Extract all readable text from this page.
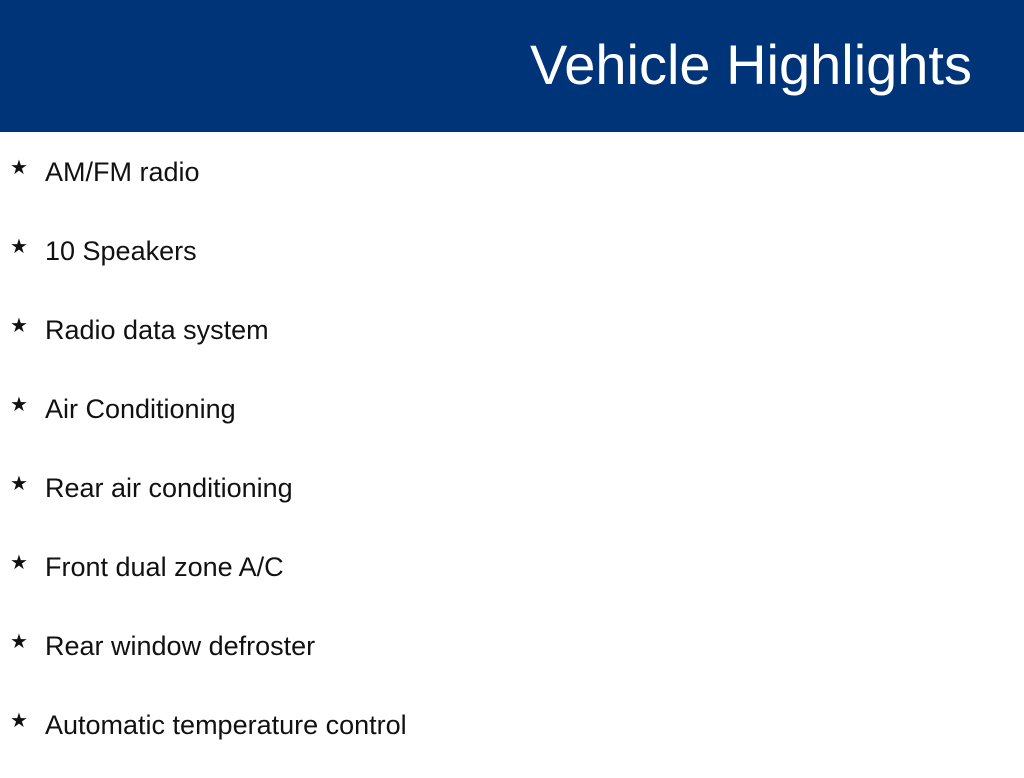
Vehicle Highlights
★ AM/FM radio
★ 10 Speakers
★ Radio data system
★ Air Conditioning
★ Rear air conditioning
★ Front dual zone A/C
★ Rear window defroster
★ Automatic temperature control
